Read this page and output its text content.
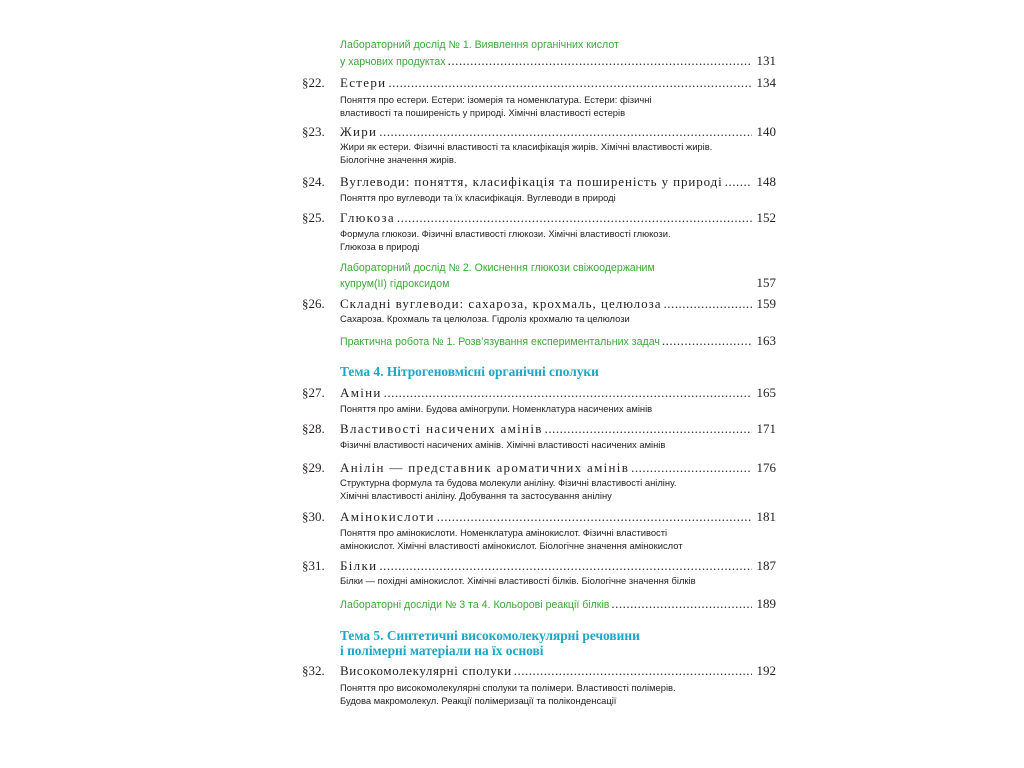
Лабораторний дослід № 1. Виявлення органічних кислот
у харчових продуктах .....	131
§22.	Естери .....	134
Поняття про естери. Естери: ізомерія та номенклатура. Естери: фізичні
властивості та поширеність у природі. Хімічні властивості естерів
§23.	Жири .....	140
Жири як естери. Фізичні властивості та класифікація жирів. Хімічні властивості жирів.
Біологічне значення жирів.
§24.	Вуглеводи: поняття, класифікація та поширеність у природі .....	148
Поняття про вуглеводи та їх класифікація. Вуглеводи в природі
§25.	Глюкоза .....	152
Формула глюкози. Фізичні властивості глюкози. Хімічні властивості глюкози.
Глюкоза в природі
Лабораторний дослід № 2. Окиснення глюкози свіжоодержаним
купрум(II) гідроксидом	157
§26.	Складні вуглеводи: сахароза, крохмаль, целюлоза .....	159
Сахароза. Крохмаль та целюлоза. Гідроліз крохмалю та целюлози
Практична робота № 1. Розв’язування експериментальних задач .....	163
Тема 4. Нітрогеновмісні органічні сполуки
§27.	Аміни .....	165
Поняття про аміни. Будова аміногрупи. Номенклатура насичених амінів
§28.	Властивості насичених амінів .....	171
Фізичні властивості насичених амінів. Хімічні властивості насичених амінів
§29.	Анілін — представник ароматичних амінів .....	176
Структурна формула та будова молекули аніліну. Фізичні властивості аніліну.
Хімічні властивості аніліну. Добування та застосування аніліну
§30.	Амінокислоти .....	181
Поняття про амінокислоти. Номенклатура амінокислот. Фізичні властивості
амінокислот. Хімічні властивості амінокислот. Біологічне значення амінокислот
§31.	Білки .....	187
Білки — похідні амінокислот. Хімічні властивості білків. Біологічне значення білків
Лабораторні досліди № 3 та 4. Кольорові реакції білків .....	189
Тема 5. Синтетичні високомолекулярні речовини
і полімерні матеріали на їх основі
§32.	Високомолекулярні сполуки .....	192
Поняття про високомолекулярні сполуки та полімери. Властивості полімерів.
Будова макромолекул. Реакції полімеризації та поліконденсації
